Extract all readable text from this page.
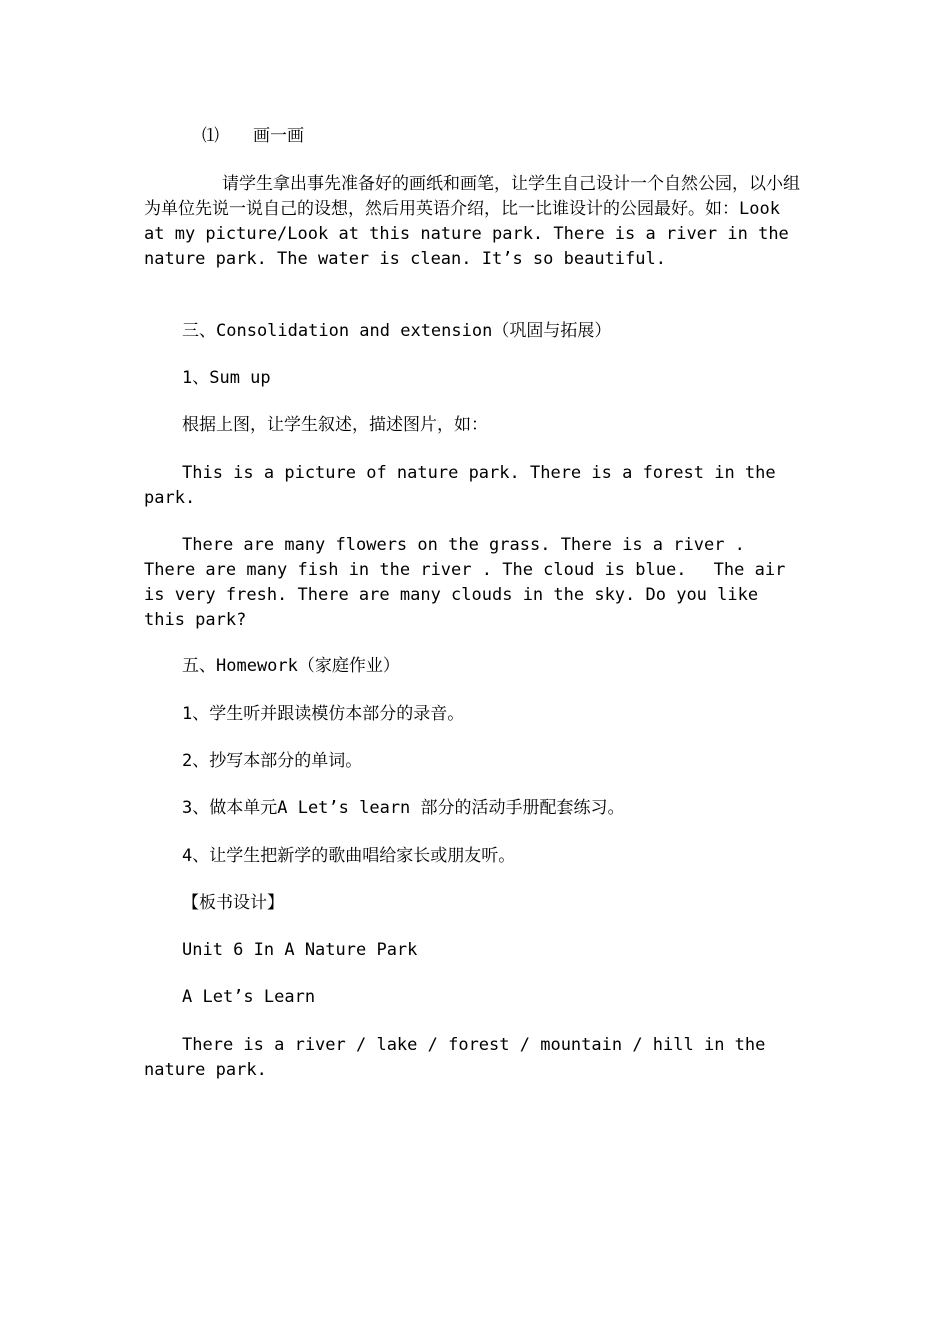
⑴　　画一画

请学生拿出事先准备好的画纸和画笔，让学生自己设计一个自然公园，以小组为单位先说一说自己的设想，然后用英语介绍，比一比谁设计的公园最好。如：Look at my picture/Look at this nature park. There is a river in the nature park. The water is clean. It’s so beautiful.

三、Consolidation and extension（巩固与拓展）

1、Sum up

根据上图，让学生叙述，描述图片，如：

This is a picture of nature park. There is a forest in the park.

There are many flowers on the grass. There is a river . There are many fish in the river . The cloud is blue.　 The air is very fresh. There are many clouds in the sky. Do you like this park?

五、Homework（家庭作业）

1、学生听并跟读模仿本部分的录音。

2、抄写本部分的单词。

3、做本单元A Let’s learn 部分的活动手册配套练习。

4、让学生把新学的歌曲唱给家长或朋友听。

【板书设计】

Unit 6 In A Nature Park

A Let’s Learn

There is a river / lake / forest / mountain / hill in the nature park.
